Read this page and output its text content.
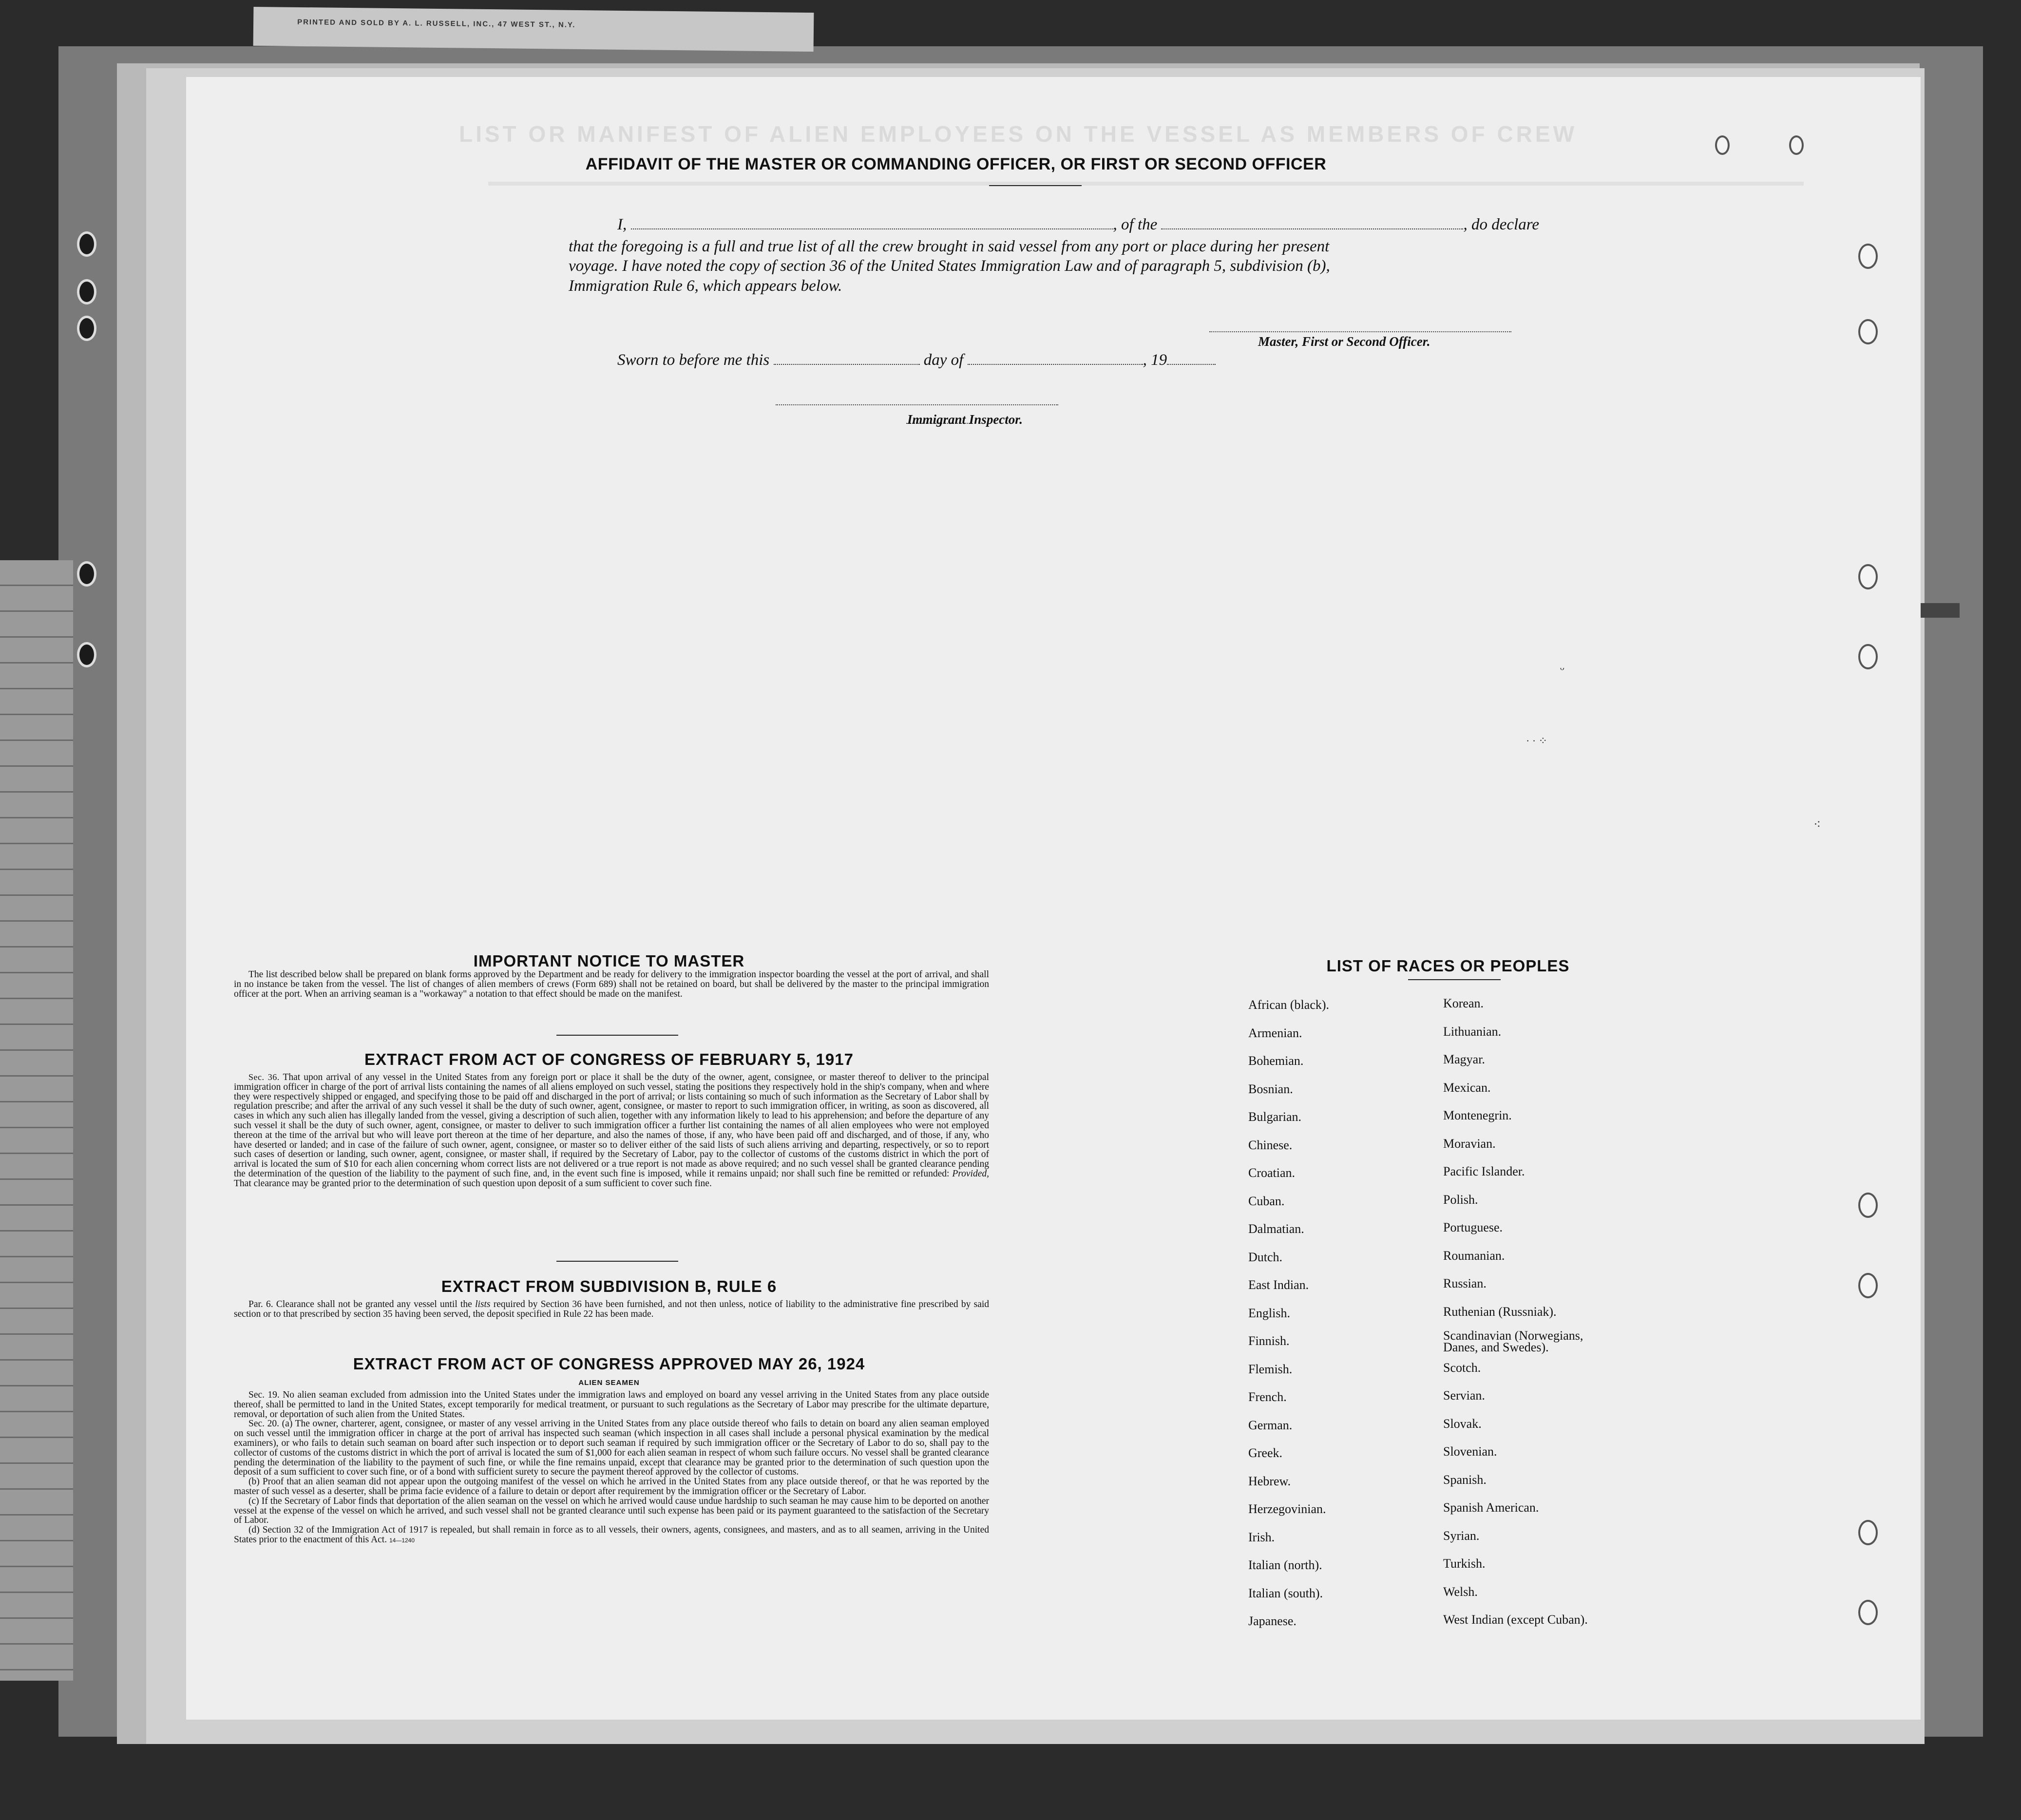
PRINTED AND SOLD BY A. L. RUSSELL, INC., 47 WEST ST., N.Y.
LIST OR MANIFEST OF ALIEN EMPLOYEES ON THE VESSEL AS MEMBERS OF CREW
AFFIDAVIT OF THE MASTER OR COMMANDING OFFICER, OR FIRST OR SECOND OFFICER
I,	, of the	, do declare
that the foregoing is a full and true list of all the crew brought in said vessel from any port or place during her present
voyage. I have noted the copy of section 36 of the United States Immigration Law and of paragraph 5, subdivision (b),
Immigration Rule 6, which appears below.
Master, First or Second Officer.
Sworn to before me this	day of	, 19
Immigrant Inspector.
ᵕ
· · ⁘
⁖
IMPORTANT NOTICE TO MASTER

The list described below shall be prepared on blank forms approved by the Department and be ready for delivery to the immigration inspector boarding the vessel at the port of arrival, and shall in no instance be taken from the vessel. The list of changes of alien members of crews (Form 689) shall not be retained on board, but shall be delivered by the master to the principal immigration officer at the port. When an arriving seaman is a "workaway" a notation to that effect should be made on the manifest.

EXTRACT FROM ACT OF CONGRESS OF FEBRUARY 5, 1917

Sec. 36. That upon arrival of any vessel in the United States from any foreign port or place it shall be the duty of the owner, agent, consignee, or master thereof to deliver to the principal immigration officer in charge of the port of arrival lists containing the names of all aliens employed on such vessel, stating the positions they respectively hold in the ship's company, when and where they were respectively shipped or engaged, and specifying those to be paid off and discharged in the port of arrival; or lists containing so much of such information as the Secretary of Labor shall by regulation prescribe; and after the arrival of any such vessel it shall be the duty of such owner, agent, consignee, or master to report to such immigration officer, in writing, as soon as discovered, all cases in which any such alien has illegally landed from the vessel, giving a description of such alien, together with any information likely to lead to his apprehension; and before the departure of any such vessel it shall be the duty of such owner, agent, consignee, or master to deliver to such immigration officer a further list containing the names of all alien employees who were not employed thereon at the time of the arrival but who will leave port thereon at the time of her departure, and also the names of those, if any, who have been paid off and discharged, and of those, if any, who have deserted or landed; and in case of the failure of such owner, agent, consignee, or master so to deliver either of the said lists of such aliens arriving and departing, respectively, or so to report such cases of desertion or landing, such owner, agent, consignee, or master shall, if required by the Secretary of Labor, pay to the collector of customs of the customs district in which the port of arrival is located the sum of $10 for each alien concerning whom correct lists are not delivered or a true report is not made as above required; and no such vessel shall be granted clearance pending the determination of the question of the liability to the payment of such fine, and, in the event such fine is imposed, while it remains unpaid; nor shall such fine be remitted or refunded: Provided, That clearance may be granted prior to the determination of such question upon deposit of a sum sufficient to cover such fine.

EXTRACT FROM SUBDIVISION B, RULE 6

Par. 6. Clearance shall not be granted any vessel until the lists required by Section 36 have been furnished, and not then unless, notice of liability to the administrative fine prescribed by said section or to that prescribed by section 35 having been served, the deposit specified in Rule 22 has been made.

EXTRACT FROM ACT OF CONGRESS APPROVED MAY 26, 1924
ALIEN SEAMEN

Sec. 19. No alien seaman excluded from admission into the United States under the immigration laws and employed on board any vessel arriving in the United States from any place outside thereof, shall be permitted to land in the United States, except temporarily for medical treatment, or pursuant to such regulations as the Secretary of Labor may prescribe for the ultimate departure, removal, or deportation of such alien from the United States.

Sec. 20. (a) The owner, charterer, agent, consignee, or master of any vessel arriving in the United States from any place outside thereof who fails to detain on board any alien seaman employed on such vessel until the immigration officer in charge at the port of arrival has inspected such seaman (which inspection in all cases shall include a personal physical examination by the medical examiners), or who fails to detain such seaman on board after such inspection or to deport such seaman if required by such immigration officer or the Secretary of Labor to do so, shall pay to the collector of customs of the customs district in which the port of arrival is located the sum of $1,000 for each alien seaman in respect of whom such failure occurs. No vessel shall be granted clearance pending the determination of the liability to the payment of such fine, or while the fine remains unpaid, except that clearance may be granted prior to the determination of such question upon the deposit of a sum sufficient to cover such fine, or of a bond with sufficient surety to secure the payment thereof approved by the collector of customs.

(b) Proof that an alien seaman did not appear upon the outgoing manifest of the vessel on which he arrived in the United States from any place outside thereof, or that he was reported by the master of such vessel as a deserter, shall be prima facie evidence of a failure to detain or deport after requirement by the immigration officer or the Secretary of Labor.

(c) If the Secretary of Labor finds that deportation of the alien seaman on the vessel on which he arrived would cause undue hardship to such seaman he may cause him to be deported on another vessel at the expense of the vessel on which he arrived, and such vessel shall not be granted clearance until such expense has been paid or its payment guaranteed to the satisfaction of the Secretary of Labor.

(d) Section 32 of the Immigration Act of 1917 is repealed, but shall remain in force as to all vessels, their owners, agents, consignees, and masters, and as to all seamen, arriving in the United States prior to the enactment of this Act. 14—1240

LIST OF RACES OR PEOPLES
African (black).	Korean.
Armenian.	Lithuanian.
Bohemian.	Magyar.
Bosnian.	Mexican.
Bulgarian.	Montenegrin.
Chinese.	Moravian.
Croatian.	Pacific Islander.
Cuban.	Polish.
Dalmatian.	Portuguese.
Dutch.	Roumanian.
East Indian.	Russian.
English.	Ruthenian (Russniak).
Finnish.	Scandinavian (Norwegians, Danes, and Swedes).
Flemish.	Scotch.
French.	Servian.
German.	Slovak.
Greek.	Slovenian.
Hebrew.	Spanish.
Herzegovinian.	Spanish American.
Irish.	Syrian.
Italian (north).	Turkish.
Italian (south).	Welsh.
Japanese.	West Indian (except Cuban).
